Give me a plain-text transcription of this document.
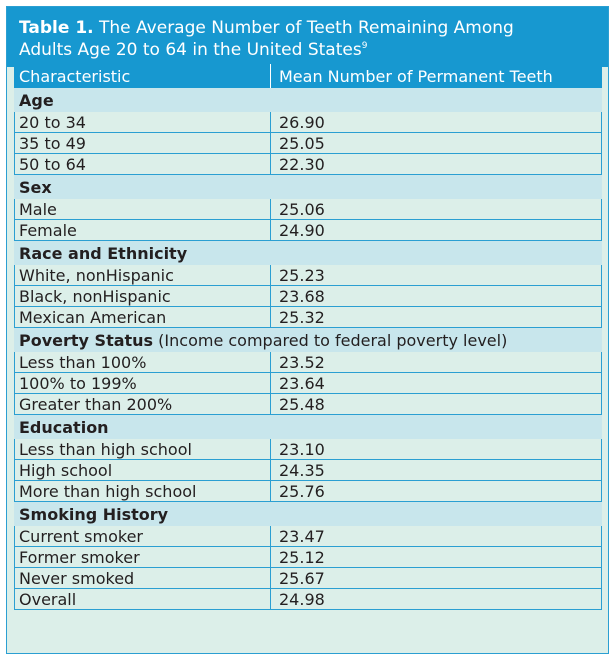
Table 1. The Average Number of Teeth Remaining Among
Adults Age 20 to 64 in the United States$^9$
Characteristic	Mean Number of Permanent Teeth
Age
20 to 34	26.90
35 to 49	25.05
50 to 64	22.30
Sex
Male	25.06
Female	24.90
Race and Ethnicity
White, nonHispanic	25.23
Black, nonHispanic	23.68
Mexican American	25.32
Poverty Status (Income compared to federal poverty level)
Less than 100%	23.52
100% to 199%	23.64
Greater than 200%	25.48
Education
Less than high school	23.10
High school	24.35
More than high school	25.76
Smoking History
Current smoker	23.47
Former smoker	25.12
Never smoked	25.67
Overall	24.98
